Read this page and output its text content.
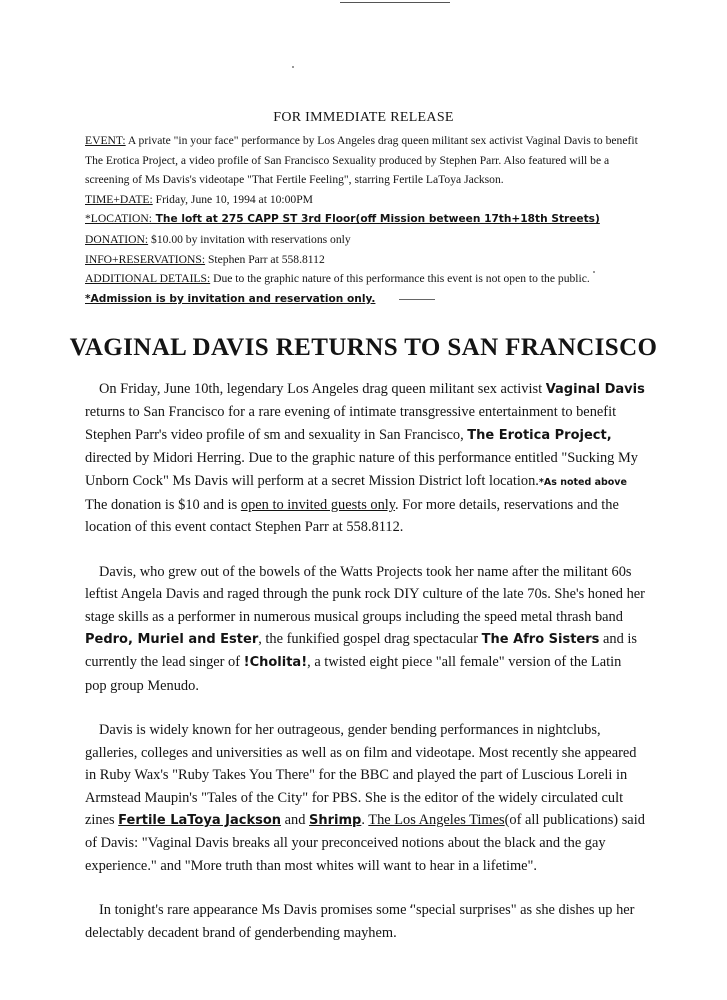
FOR IMMEDIATE RELEASE
EVENT: A private "in your face" performance by Los Angeles drag queen militant sex activist Vaginal Davis to benefit The Erotica Project, a video profile of San Francisco Sexuality produced by Stephen Parr. Also featured will be a screening of Ms Davis's videotape "That Fertile Feeling", starring Fertile LaToya Jackson.
TIME+DATE: Friday, June 10, 1994 at 10:00PM
*LOCATION: The loft at 275 CAPP ST 3rd Floor(off Mission between 17th+18th Streets)
DONATION: $10.00 by invitation with reservations only
INFO+RESERVATIONS: Stephen Parr at 558.8112
ADDITIONAL DETAILS: Due to the graphic nature of this performance this event is not open to the public. *Admission is by invitation and reservation only.
VAGINAL DAVIS RETURNS TO SAN FRANCISCO

On Friday, June 10th, legendary Los Angeles drag queen militant sex activist Vaginal Davis returns to San Francisco for a rare evening of intimate transgressive entertainment to benefit Stephen Parr's video profile of sm and sexuality in San Francisco, The Erotica Project, directed by Midori Herring. Due to the graphic nature of this performance entitled "Sucking My Unborn Cock" Ms Davis will perform at a secret Mission District loft location.*As noted above The donation is $10 and is open to invited guests only. For more details, reservations and the location of this event contact Stephen Parr at 558.8112.

Davis, who grew out of the bowels of the Watts Projects took her name after the militant 60s leftist Angela Davis and raged through the punk rock DIY culture of the late 70s. She's honed her stage skills as a performer in numerous musical groups including the speed metal thrash band Pedro, Muriel and Ester, the funkified gospel drag spectacular The Afro Sisters and is currently the lead singer of !Cholita!, a twisted eight piece "all female" version of the Latin pop group Menudo.

Davis is widely known for her outrageous, gender bending performances in nightclubs, galleries, colleges and universities as well as on film and videotape. Most recently she appeared in Ruby Wax's "Ruby Takes You There" for the BBC and played the part of Luscious Loreli in Armstead Maupin's "Tales of the City" for PBS. She is the editor of the widely circulated cult zines Fertile LaToya Jackson and Shrimp. The Los Angeles Times(of all publications) said of Davis: "Vaginal Davis breaks all your preconceived notions about the black and the gay experience." and "More truth than most whites will want to hear in a lifetime".

In tonight's rare appearance Ms Davis promises some "special surprises" as she dishes up her delectably decadent brand of genderbending mayhem.
